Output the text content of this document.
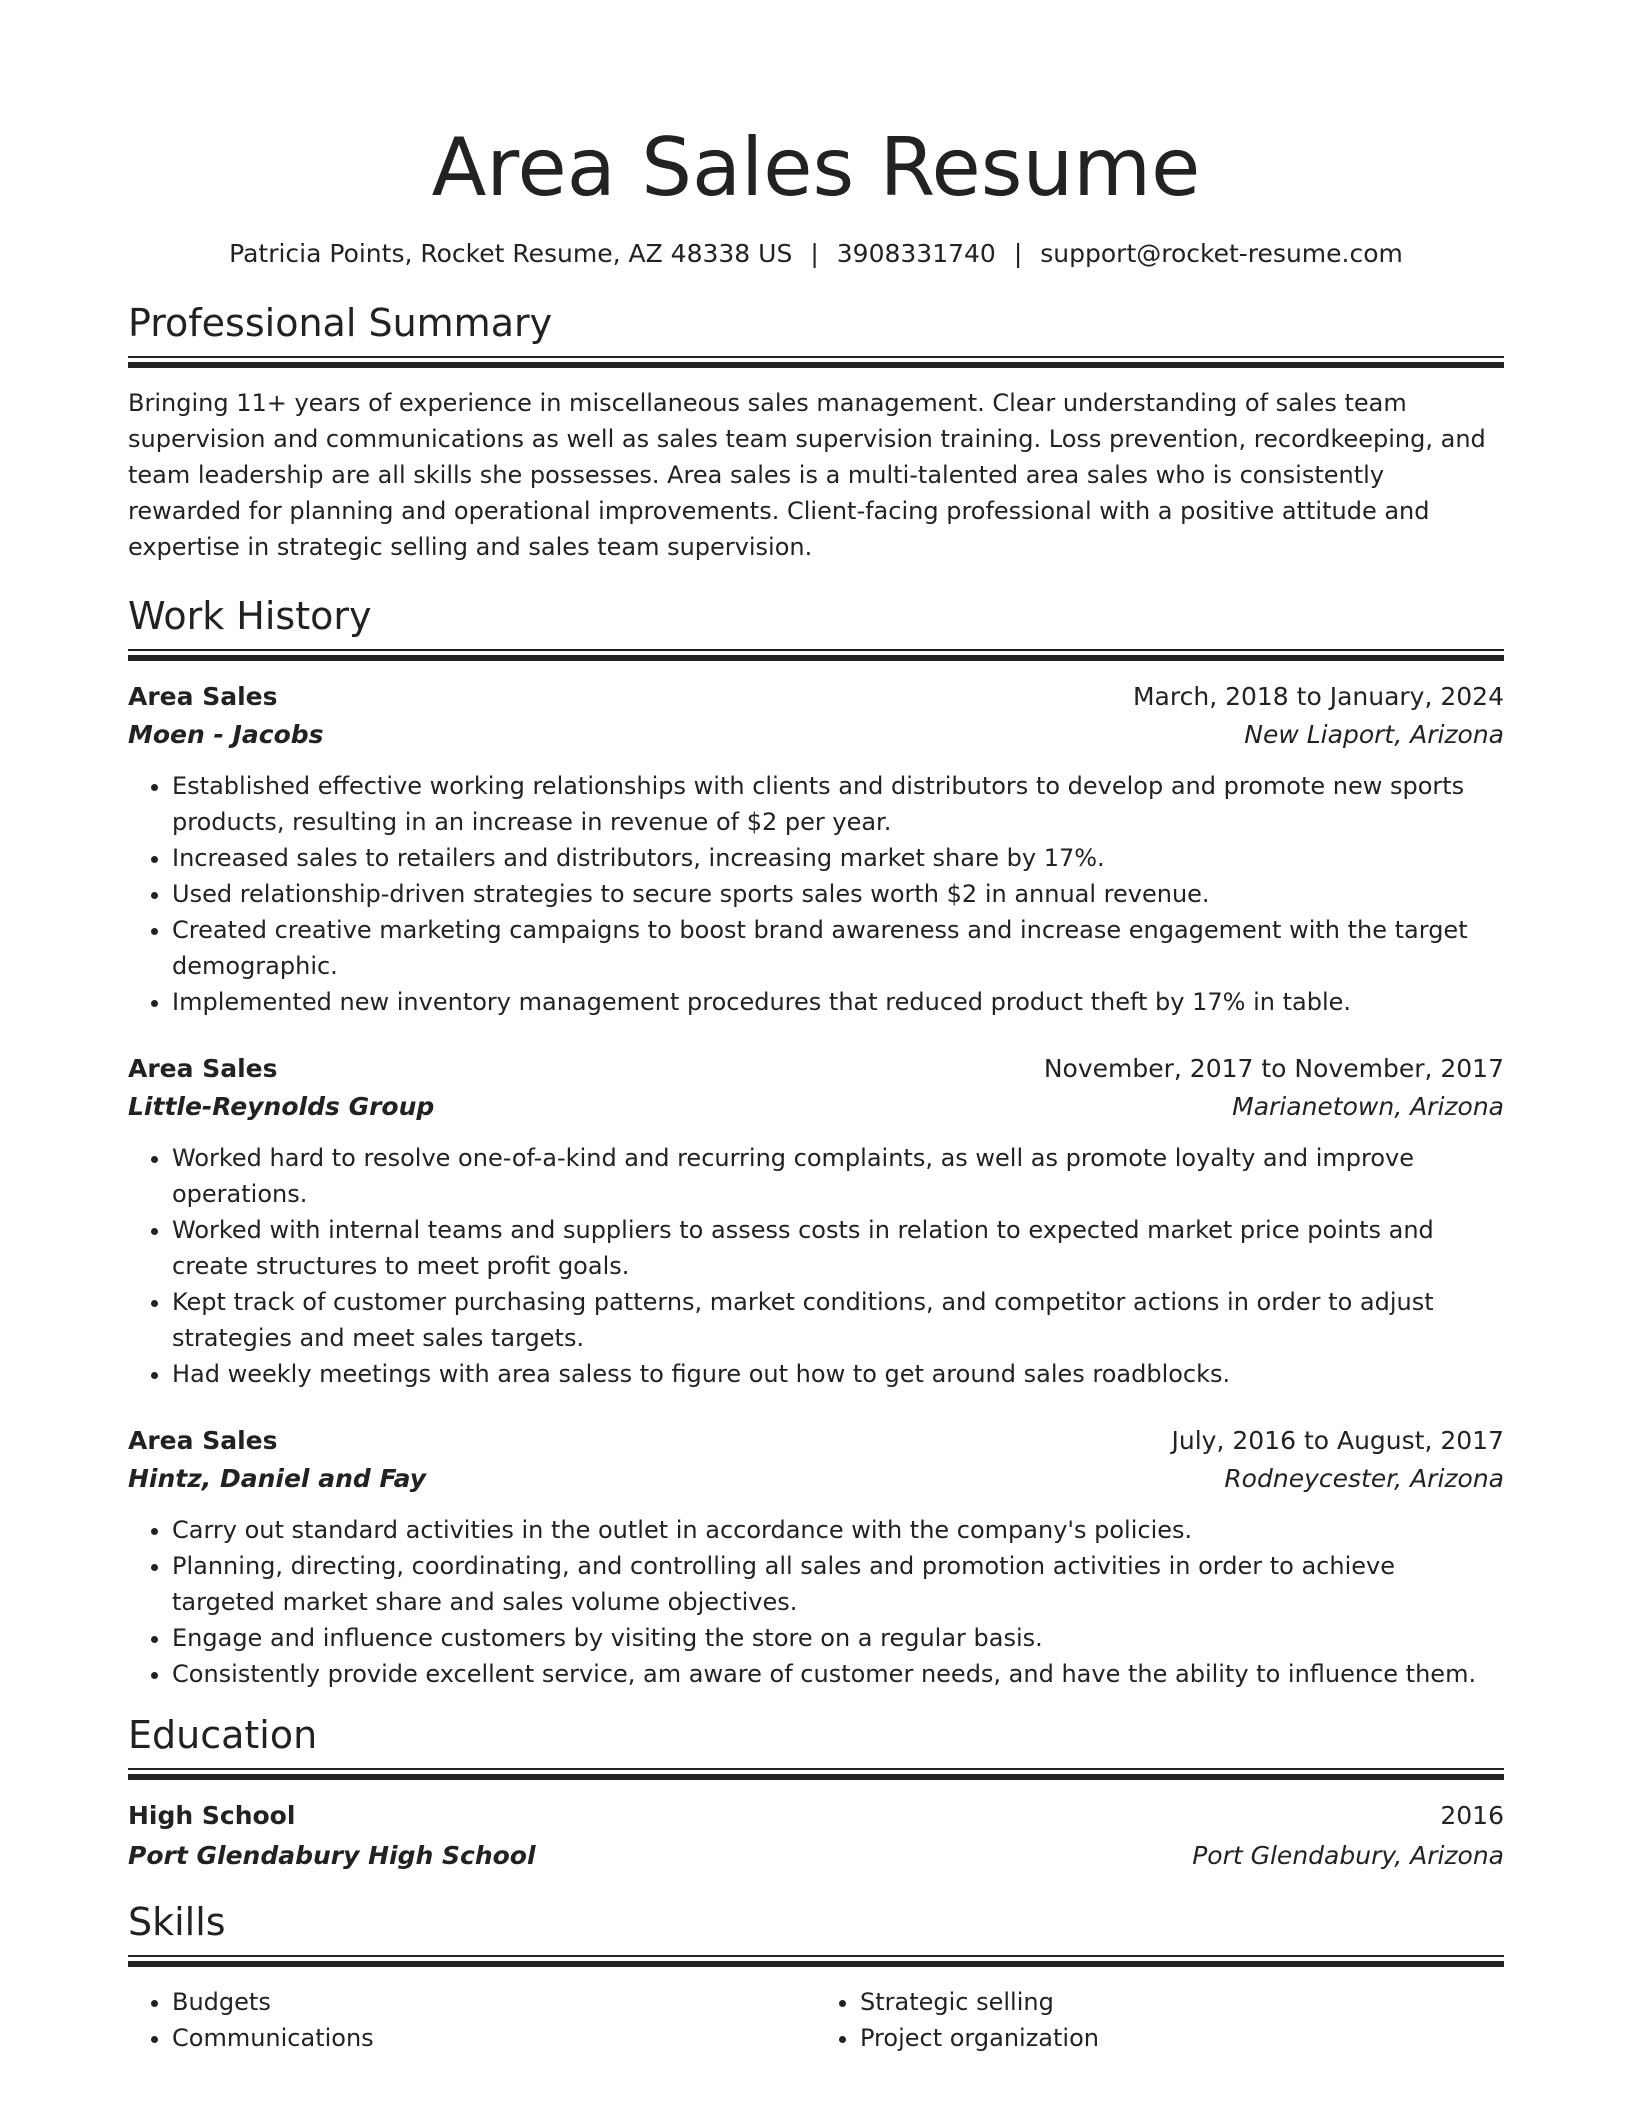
Area Sales Resume
Patricia Points, Rocket Resume, AZ 48338 US | 3908331740 | support@rocket-resume.com
Professional Summary

Bringing 11+ years of experience in miscellaneous sales management. Clear understanding of sales team supervision and communications as well as sales team supervision training. Loss prevention, recordkeeping, and team leadership are all skills she possesses. Area sales is a multi-talented area sales who is consistently rewarded for planning and operational improvements. Client-facing professional with a positive attitude and expertise in strategic selling and sales team supervision.

Work History
Area Sales	March, 2018 to January, 2024
Moen - Jacobs	New Liaport, Arizona
• Established effective working relationships with clients and distributors to develop and promote new sports products, resulting in an increase in revenue of $2 per year.
• Increased sales to retailers and distributors, increasing market share by 17%.
• Used relationship-driven strategies to secure sports sales worth $2 in annual revenue.
• Created creative marketing campaigns to boost brand awareness and increase engagement with the target demographic.
• Implemented new inventory management procedures that reduced product theft by 17% in table.
Area Sales	November, 2017 to November, 2017
Little-Reynolds Group	Marianetown, Arizona
• Worked hard to resolve one-of-a-kind and recurring complaints, as well as promote loyalty and improve operations.
• Worked with internal teams and suppliers to assess costs in relation to expected market price points and create structures to meet profit goals.
• Kept track of customer purchasing patterns, market conditions, and competitor actions in order to adjust strategies and meet sales targets.
• Had weekly meetings with area saless to figure out how to get around sales roadblocks.
Area Sales	July, 2016 to August, 2017
Hintz, Daniel and Fay	Rodneycester, Arizona
• Carry out standard activities in the outlet in accordance with the company's policies.
• Planning, directing, coordinating, and controlling all sales and promotion activities in order to achieve targeted market share and sales volume objectives.
• Engage and influence customers by visiting the store on a regular basis.
• Consistently provide excellent service, am aware of customer needs, and have the ability to influence them.
Education
High School	2016
Port Glendabury High School	Port Glendabury, Arizona
Skills
• Budgets
• Communications
• Strategic selling
• Project organization
